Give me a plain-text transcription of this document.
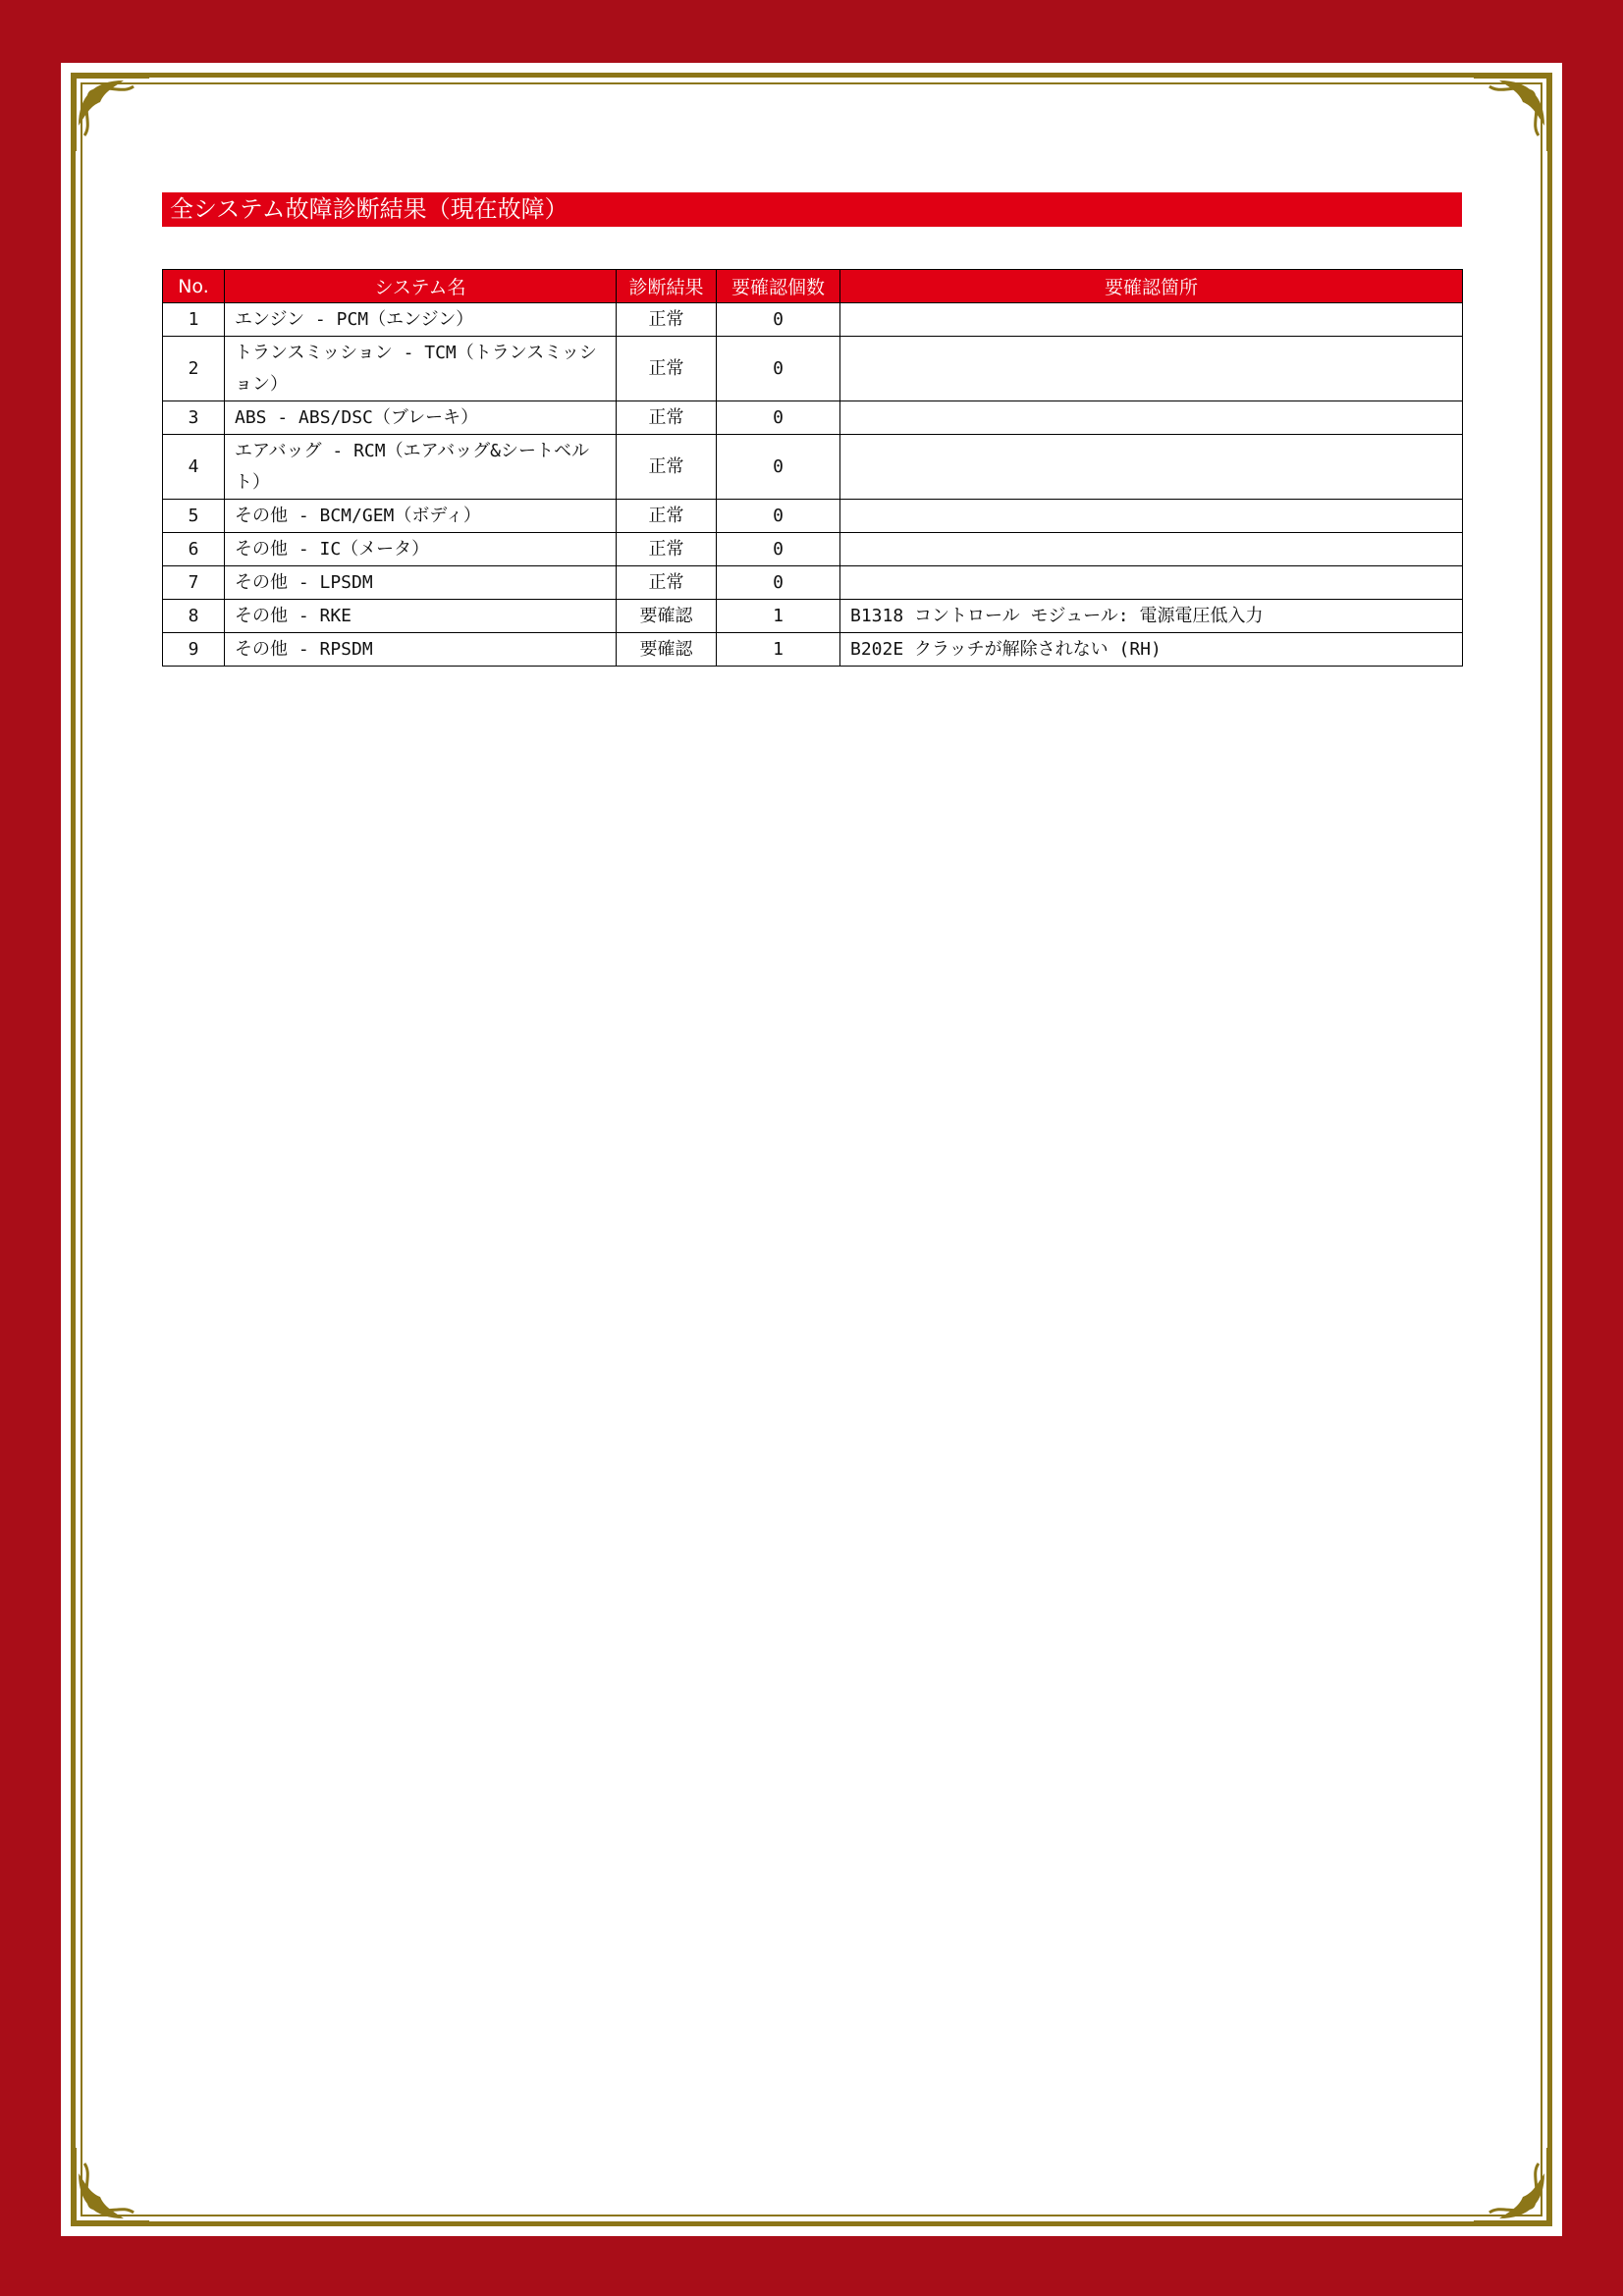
全システム故障診断結果（現在故障）
No.	システム名	診断結果	要確認個数	要確認箇所
1	エンジン - PCM（エンジン）	正常	0	
2	トランスミッション - TCM（トランスミッション）	正常	0	
3	ABS - ABS/DSC（ブレーキ）	正常	0	
4	エアバッグ - RCM（エアバッグ&シートベルト）	正常	0	
5	その他 - BCM/GEM（ボディ）	正常	0	
6	その他 - IC（メータ）	正常	0	
7	その他 - LPSDM	正常	0	
8	その他 - RKE	要確認	1	B1318 コントロール モジュール: 電源電圧低入力
9	その他 - RPSDM	要確認	1	B202E クラッチが解除されない (RH)
